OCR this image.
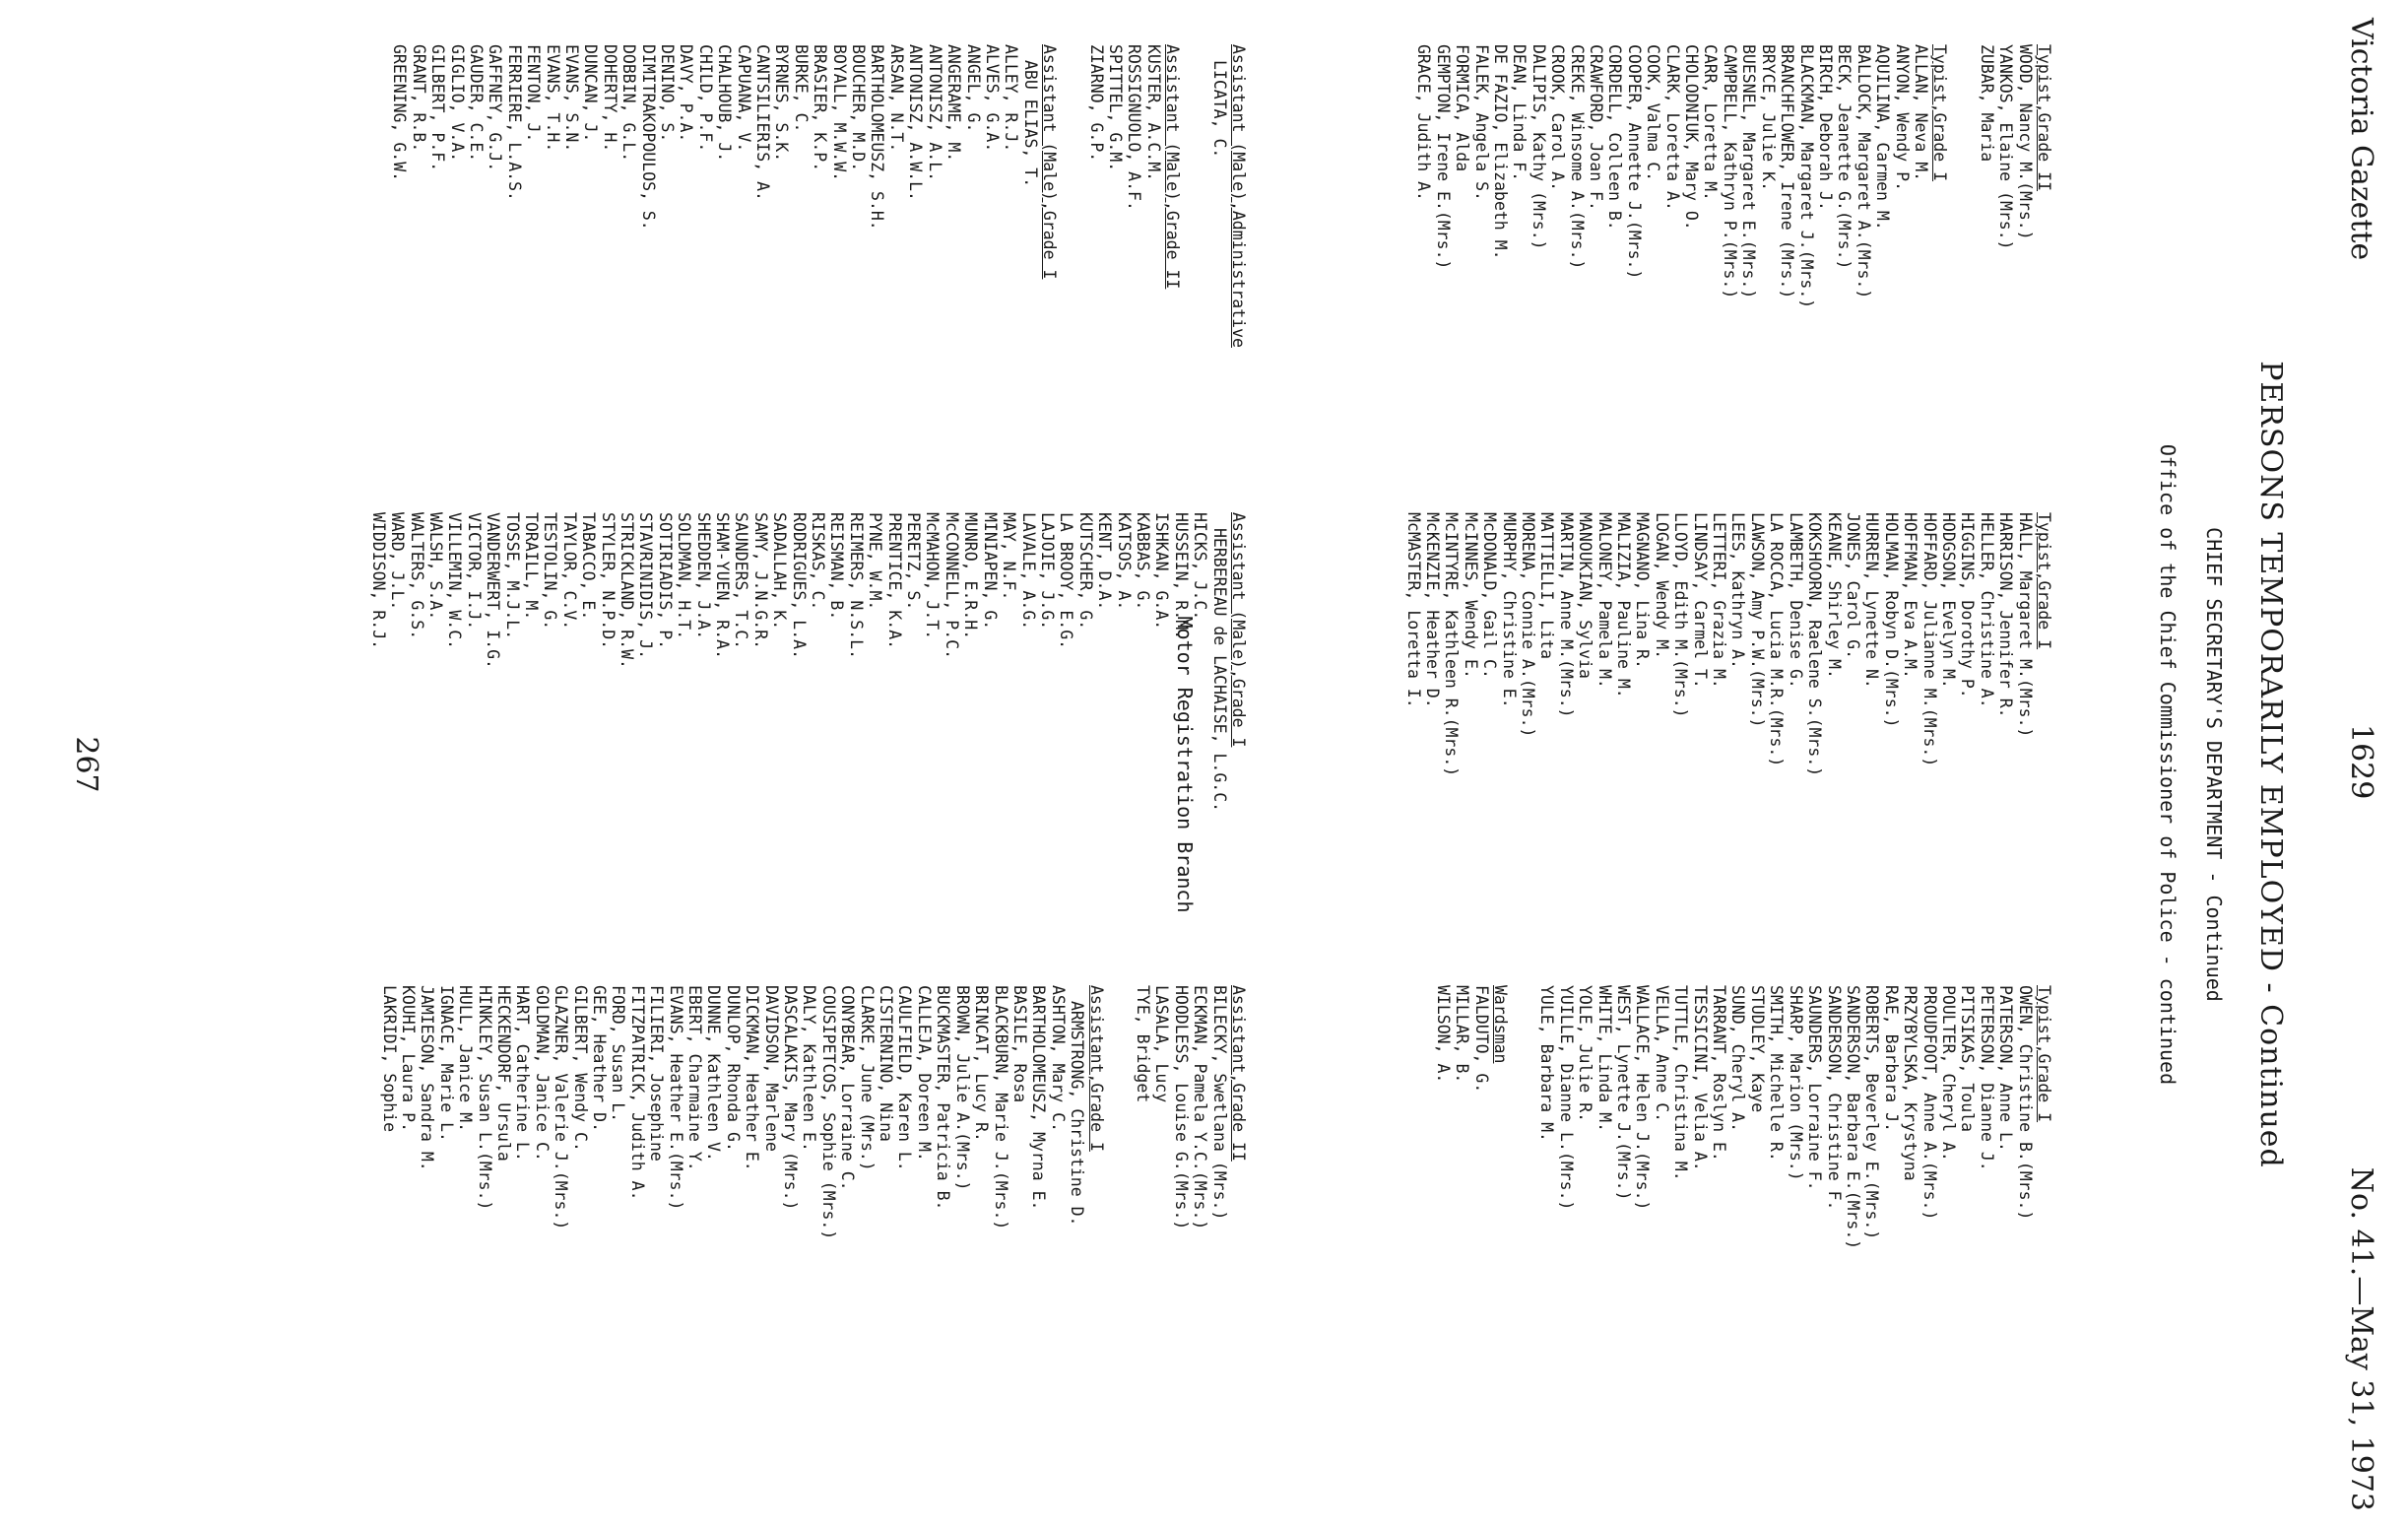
Victoria Gazette
1629
No. 41.—May 31, 1973
PERSONS TEMPORARILY EMPLOYED - Continued
CHIEF SECRETARY'S DEPARTMENT - Continued
Office of the Chief Commissioner of Police - continued
Motor Registration Branch
Typist,Grade II
WOOD, Nancy M.(Mrs.)
YANKOS, Elaine (Mrs.)
ZUBAR, Maria
Typist,Grade I
ALLAN, Neva M.
ANYON, Wendy P.
AQUILINA, Carmen M.
BALLOCK, Margaret A.(Mrs.)
BECK, Jeanette G.(Mrs.)
BIRCH, Deborah J.
BLACKMAN, Margaret J.(Mrs.)
BRANCHFLOWER, Irene (Mrs.)
BRYCE, Julie K.
BUESNEL, Margaret E.(Mrs.)
CAMPBELL, Kathryn P.(Mrs.)
CARR, Loretta M.
CHOLODNIUK, Mary O.
CLARK, Loretta A.
COOK, Valma C.
COOPER, Annette J.(Mrs.)
CORDELL, Colleen B.
CRAWFORD, Joan F.
CREKE, Winsome A.(Mrs.)
CROOK, Carol A.
DALIPIS, Kathy (Mrs.)
DEAN, Linda F.
DE FAZIO, Elizabeth M.
FALEK, Angela S.
FORMICA, Alda
GEMPTON, Irene E.(Mrs.)
GRACE, Judith A.
Assistant (Male),Administrative
LICATA, C.
Assistant (Male),Grade II
KUSTER, A.C.M.
ROSSIGNUOLO, A.F.
SPITTEL, G.M.
ZIARNO, G.P.
Assistant (Male),Grade I
ABU ELIAS, T.
ALLEY, R.J.
ALVES, G.A.
ANGEL, G.
ANGERAME, M.
ANTONISZ, A.L.
ANTONISZ, A.W.L.
ARSAN, N.T.
BARTHOLOMEUSZ, S.H.
BOUCHER, M.D.
BOYALL, M.W.W.
BRASIER, K.P.
BURKE, C.
BYRNES, S.K.
CANTSILIERIS, A.
CAPUANA, V.
CHALHOUB, J.
CHILD, P.F.
DAVY, P.A.
DENINO, S.
DIMITRAKOPOULOS, S.
DOBBIN, G.L.
DOHERTY, H.
DUNCAN, J.
EVANS, S.N.
EVANS, T.H.
FENTON, J.
FERRIERE, L.A.S.
GAFFNEY, G.J.
GAUDER, C.E.
GIGLIO, V.A.
GILBERT, P.F.
GRANT, R.B.
GREENING, G.W.
Typist,Grade I
HALL, Margaret M.(Mrs.)
HARRISON, Jennifer R.
HELLER, Christine A.
HIGGINS, Dorothy P.
HODGSON, Evelyn M.
HOFFARD, Julianne M.(Mrs.)
HOFFMAN, Eva A.M.
HOLMAN, Robyn D.(Mrs.)
HURREN, Lynette N.
JONES, Carol G.
KEANE, Shirley M.
KOKSHOORN, Raelene S.(Mrs.)
LAMBETH, Denise G.
LA ROCCA, Lucia M.R.(Mrs.)
LAWSON, Amy P.W.(Mrs.)
LEES, Kathryn A.
LETTERI, Grazia M.
LINDSAY, Carmel T.
LLOYD, Edith M.(Mrs.)
LOGAN, Wendy M.
MAGNANO, Lina R.
MALIZIA, Pauline M.
MALONEY, Pamela M.
MANOUKIAN, Sylvia
MARTIN, Anne M.(Mrs.)
MATTIELLI, Lita
MORENA, Connie A.(Mrs.)
MURPHY, Christine E.
McDONALD, Gail C.
McINNES, Wendy E.
McINTYRE, Kathleen R.(Mrs.)
McKENZIE, Heather D.
McMASTER, Loretta I.
Assistant (Male),Grade I
HERBEREAU de LACHAISE, L.G.C.
HICKS, J.C.
HUSSEIN, R.M.
ISHKAN, G.A.
KABBAS, G.
KATSOS, A.
KENT, D.A.
KUTSCHER, G.
LA BROOY, E.G.
LAJOIE, J.G.
LAVALE, A.G.
MAY, N.F.
MINIAPEN, G.
MUNRO, E.R.H.
McCONNELL, P.C.
McMAHON, J.T.
PERETZ, S.
PRENTICE, K.A.
PYNE, W.M.
REIMERS, N.S.L.
REISMAN, B.
RISKAS, C.
RODRIGUES, L.A.
SADALLAH, K.
SAMY, J.N.G.R.
SAUNDERS, T.C.
SHAM-YUEN, R.A.
SHEDDEN, J.A.
SOLDMAN, H.T.
SOTIRIADIS, P.
STAVRINIDIS, J.
STRICKLAND, R.W.
STYLER, N.P.D.
TABACCO, E.
TAYLOR, C.V.
TESTOLIN, G.
TORAILL, M.
TOSSE, M.J.L.
VANDERWERT, I.G.
VICTOR, I.J.
VILLEMIN, W.C.
WALSH, S.A.
WALTERS, G.S.
WARD, J.L.
WIDDISON, R.J.
Typist,Grade I
OWEN, Christine B.(Mrs.)
PATERSON, Anne L.
PETERSON, Dianne J.
PITSIKAS, Toula
POULTER, Cheryl A.
PROUDFOOT, Anne A.(Mrs.)
PRZYBYLSKA, Krystyna
RAE, Barbara J.
ROBERTS, Beverley E.(Mrs.)
SANDERSON, Barbara E.(Mrs.)
SANDERSON, Christine F.
SAUNDERS, Lorraine F.
SHARP, Marion (Mrs.)
SMITH, Michelle R.
STUDLEY, Kaye
SUND, Cheryl A.
TARRANT, Roslyn E.
TESSICINI, Velia A.
TUTTLE, Christina M.
VELLA, Anne C.
WALLACE, Helen J.(Mrs.)
WEST, Lynette J.(Mrs.)
WHITE, Linda M.
YOLE, Julie R.
YUILLE, Dianne L.(Mrs.)
YULE, Barbara M.
Wardsman
FALDUTO, G.
MILLAR, B.
WILSON, A.
Assistant,Grade II
BILECKY, Swetlana (Mrs.)
ECKMAN, Pamela Y.C.(Mrs.)
HOODLESS, Louise G.(Mrs.)
LASALA, Lucy
TYE, Bridget
Assistant,Grade I
ARMSTRONG, Christine D.
ASHTON, Mary C.
BARTHOLOMEUSZ, Myrna E.
BASILE, Rosa
BLACKBURN, Marie J.(Mrs.)
BRINCAT, Lucy R.
BROWN, Julie A.(Mrs.)
BUCKMASTER, Patricia B.
CALLEJA, Doreen M.
CAULFIELD, Karen L.
CISTERNINO, Nina
CLARKE, June (Mrs.)
CONYBEAR, Lorraine C.
COUSIPETCOS, Sophie (Mrs.)
DALY, Kathleen E.
DASCALAKIS, Mary (Mrs.)
DAVIDSON, Marlene
DICKMAN, Heather E.
DUNLOP, Rhonda G.
DUNNE, Kathleen V.
EBERT, Charmaine Y.
EVANS, Heather E.(Mrs.)
FILIERI, Josephine
FITZPATRICK, Judith A.
FORD, Susan L.
GEE, Heather D.
GILBERT, Wendy C.
GLAZNER, Valerie J.(Mrs.)
GOLDMAN, Janice C.
HART, Catherine L.
HECKENDORF, Ursula
HINKLEY, Susan L.(Mrs.)
HULL, Janice M.
IGNACE, Marie L.
JAMIESON, Sandra M.
KOUHI, Laura P.
LAKRIDI, Sophie
267
